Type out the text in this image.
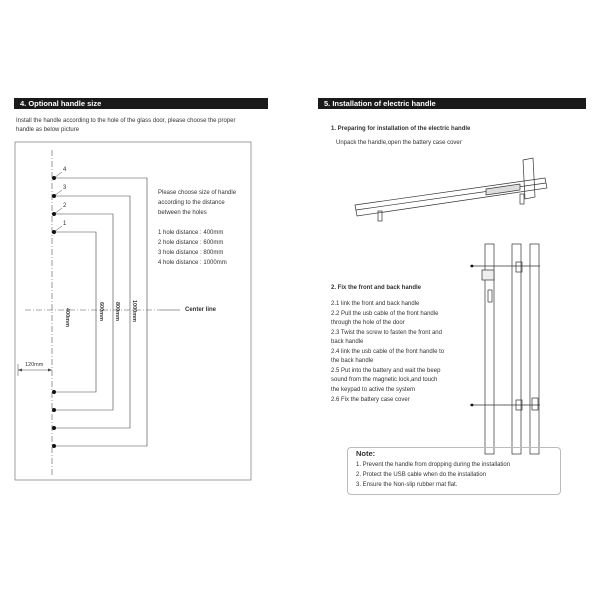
4. Optional handle size
Install the handle according to the hole of the glass door, please choose the proper
handle as below picture
4
3
2
1
Please choose size of handle
according to the distance
between the holes
1 hole distance : 400mm
2 hole distance : 600mm
3 hole distance : 800mm
4 hole distance : 1000mm
400mm	600mm 800mm 1000mm	Center line
120mm
5. Installation of electric handle
1. Preparing for installation of the electric handle
Unpack the handle,open the battery case cover
2. Fix the front and back handle
2.1 link the front and back handle
2.2 Pull the usb cable of the front handle
through the hole of the door
2.3 Twist the screw to fasten the front and
back handle
2.4 link the usb cable of the front handle to
the back handle
2.5 Put into the battery and wait the beep
sound from the magnetic lock,and touch
the keypad to active the system
2.6 Fix the battery case cover
Note:
1. Prevent the handle from dropping during the installation
2. Protect the USB cable when do the installation
3. Ensure the Non-slip rubber mat flat.
